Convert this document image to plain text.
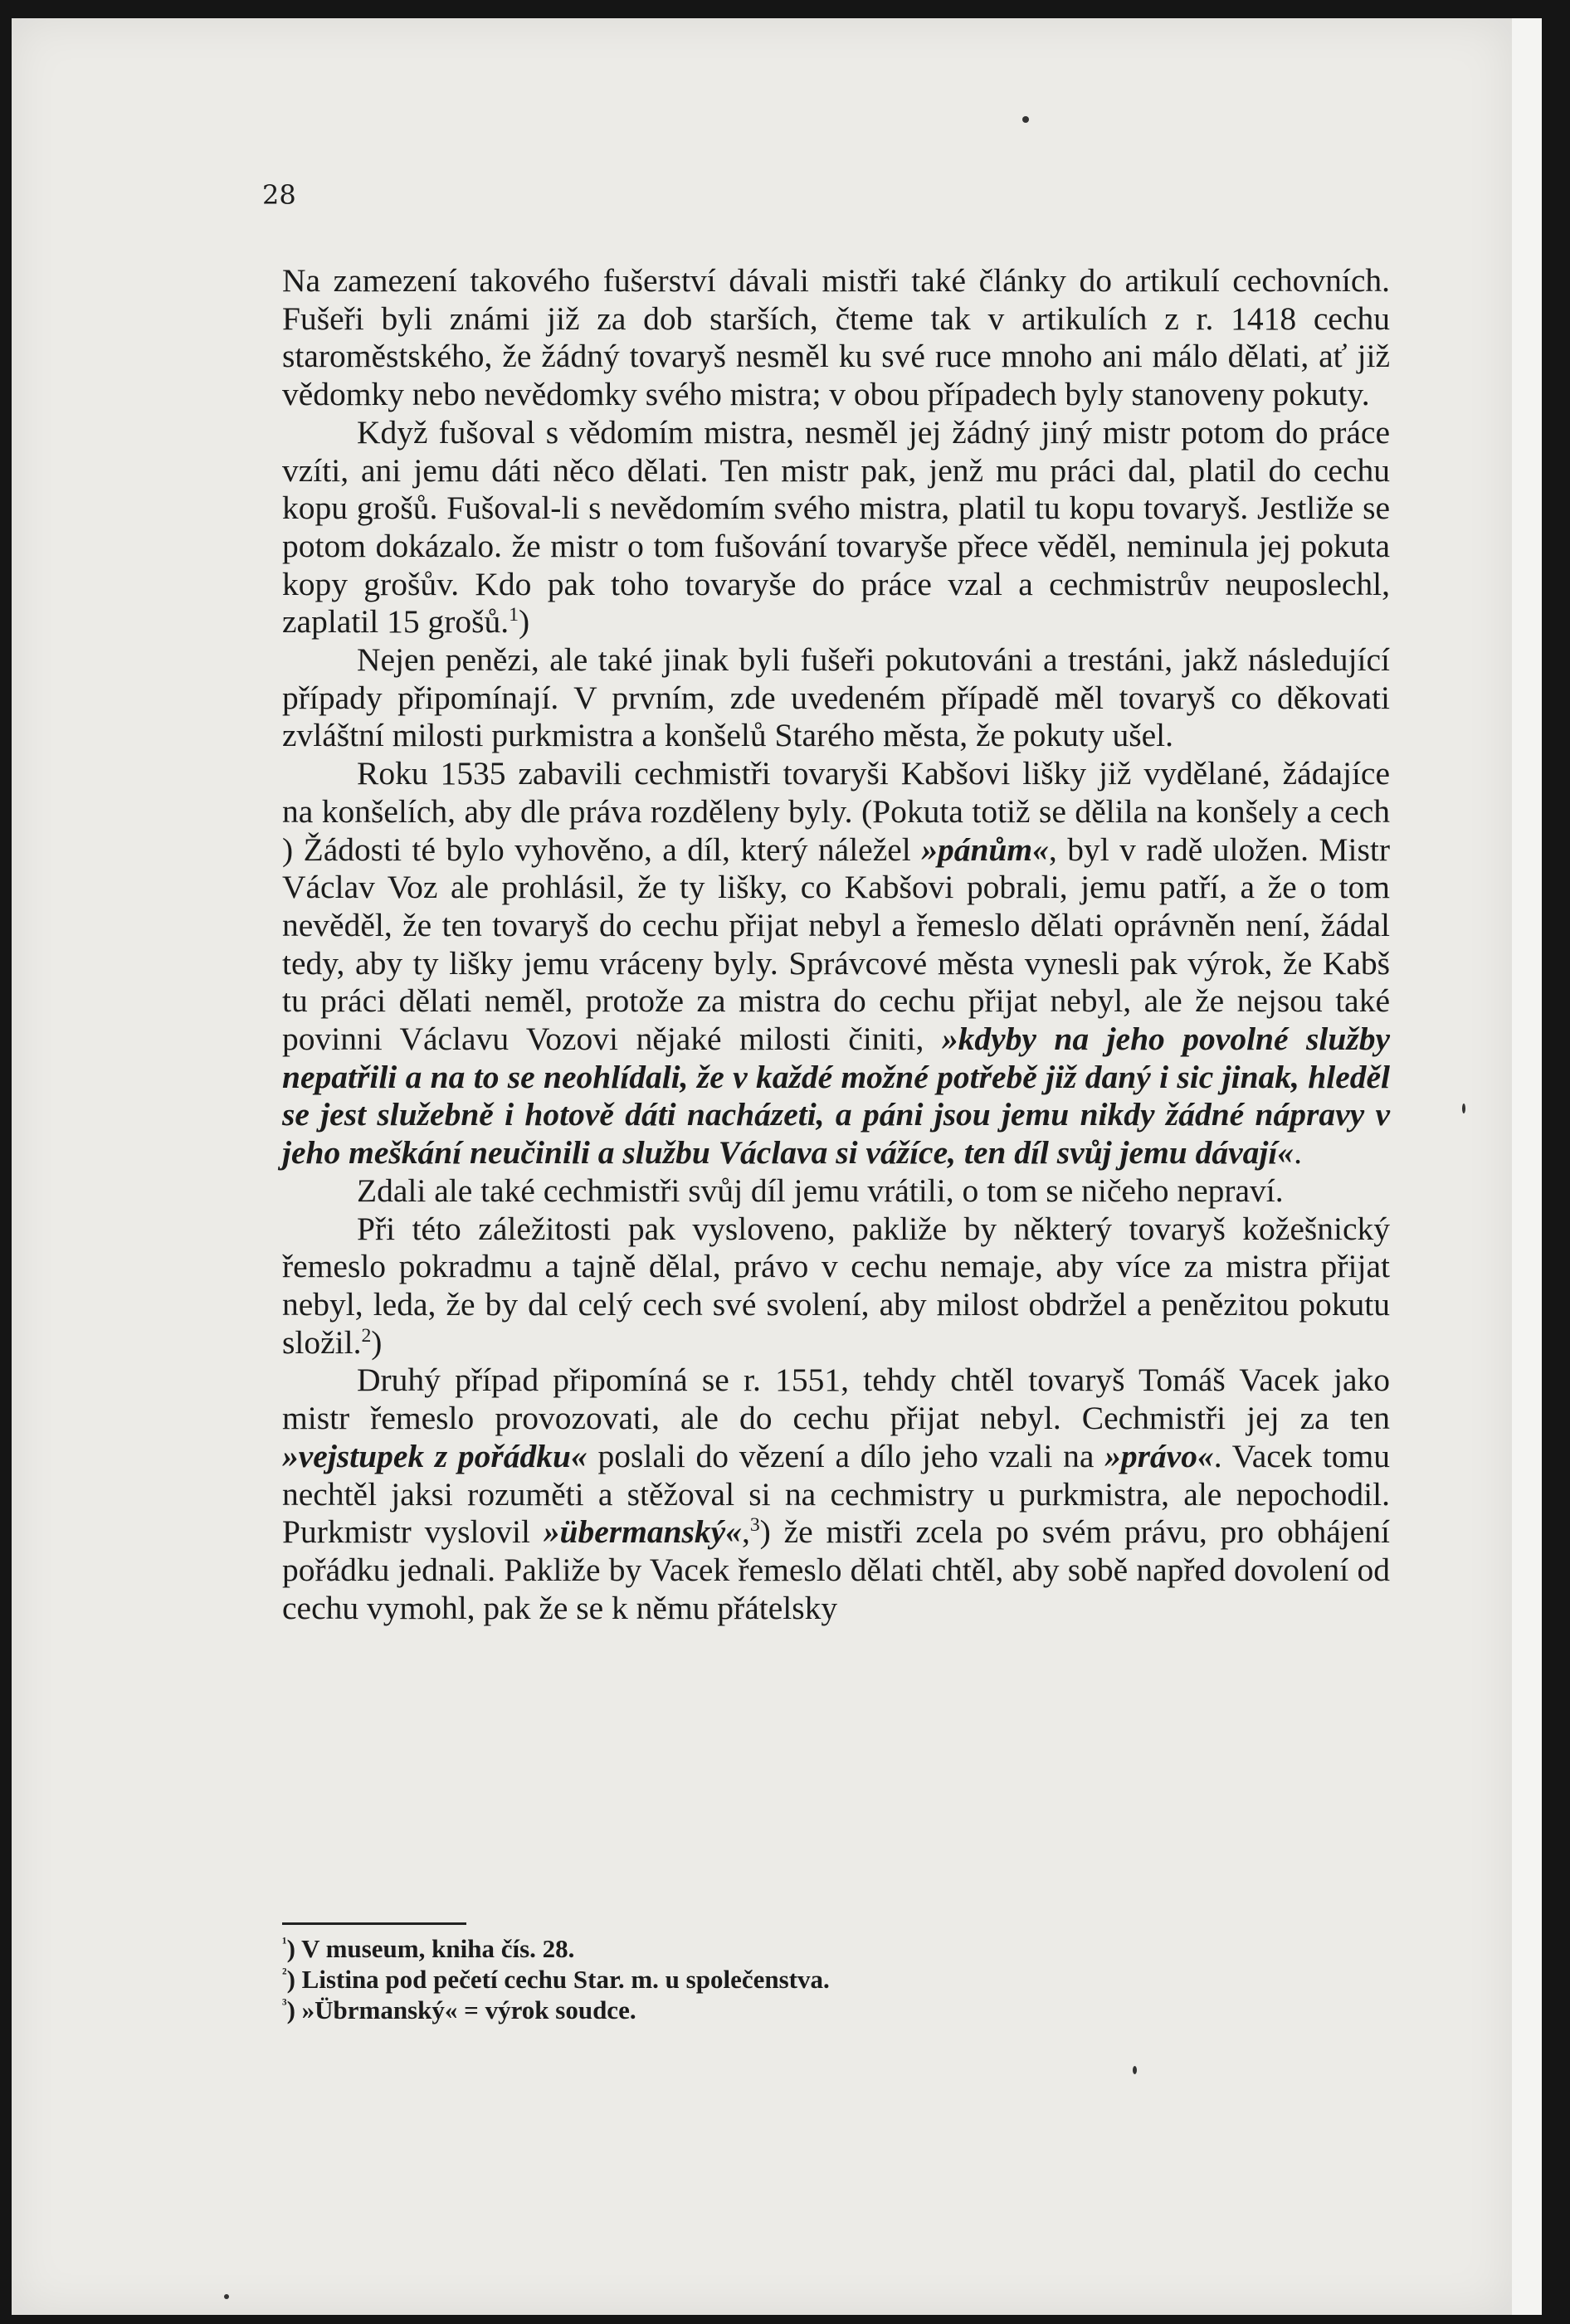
28

Na zamezení takového fušerství dávali mistři také články do artikulí cechovních. Fušeři byli známi již za dob starších, čteme tak v artikulích z r. 1418 cechu staroměstského, že žádný tovaryš nesměl ku své ruce mnoho ani málo dělati, ať již vědomky nebo nevědomky svého mistra; v obou případech byly stanoveny pokuty.

Když fušoval s vědomím mistra, nesměl jej žádný jiný mistr potom do práce vzíti, ani jemu dáti něco dělati. Ten mistr pak, jenž mu práci dal, platil do cechu kopu grošů. Fušoval-li s nevědomím svého mistra, platil tu kopu tovaryš. Jestliže se potom dokázalo. že mistr o tom fušování tovaryše přece věděl, neminula jej pokuta kopy grošův. Kdo pak toho tovaryše do práce vzal a cechmistrův neuposlechl, zaplatil 15 grošů.$^1$)

Nejen penězi, ale také jinak byli fušeři pokutováni a trestáni, jakž následující případy připomínají. V prvním, zde uvedeném případě měl tovaryš co děkovati zvláštní milosti purkmistra a konšelů Starého města, že pokuty ušel.

Roku 1535 zabavili cechmistři tovaryši Kabšovi lišky již vydělané, žádajíce na konšelích, aby dle práva rozděleny byly. (Pokuta totiž se dělila na konšely a cech ) Žádosti té bylo vyhověno, a díl, který náležel »pánům«, byl v radě uložen. Mistr Václav Voz ale prohlásil, že ty lišky, co Kabšovi pobrali, jemu patří, a že o tom nevěděl, že ten tovaryš do cechu přijat nebyl a řemeslo dělati oprávněn není, žádal tedy, aby ty lišky jemu vráceny byly. Správcové města vynesli pak výrok, že Kabš tu práci dělati neměl, protože za mistra do cechu přijat nebyl, ale že nejsou také povinni Václavu Vozovi nějaké milosti činiti, »kdyby na jeho povolné služby nepatřili a na to se neohlídali, že v každé možné potřebě již daný i sic jinak, hleděl se jest služebně i hotově dáti nacházeti, a páni jsou jemu nikdy žádné nápravy v jeho meškání neučinili a službu Václava si vážíce, ten díl svůj jemu dávají«.

Zdali ale také cechmistři svůj díl jemu vrátili, o tom se ničeho nepraví.

Při této záležitosti pak vysloveno, pakliže by některý tovaryš kožešnický řemeslo pokradmu a tajně dělal, právo v cechu nemaje, aby více za mistra přijat nebyl, leda, že by dal celý cech své svolení, aby milost obdržel a penězitou pokutu složil.$^2$)

Druhý případ připomíná se r. 1551, tehdy chtěl tovaryš Tomáš Vacek jako mistr řemeslo provozovati, ale do cechu přijat nebyl. Cechmistři jej za ten »vejstupek z pořádku« poslali do vězení a dílo jeho vzali na »právo«. Vacek tomu nechtěl jaksi rozuměti a stěžoval si na cechmistry u purkmistra, ale nepochodil. Purkmistr vyslovil »übermanský«,$^3$) že mistři zcela po svém právu, pro obhájení pořádku jednali. Pakliže by Vacek řemeslo dělati chtěl, aby sobě napřed dovolení od cechu vymohl, pak že se k němu přátelsky

$^{^1}$) V museum, kniha čís. 28.
$^{^2}$) Listina pod pečetí cechu Star. m. u společenstva.
$^{^3}$) »Übrmanský« = výrok soudce.
